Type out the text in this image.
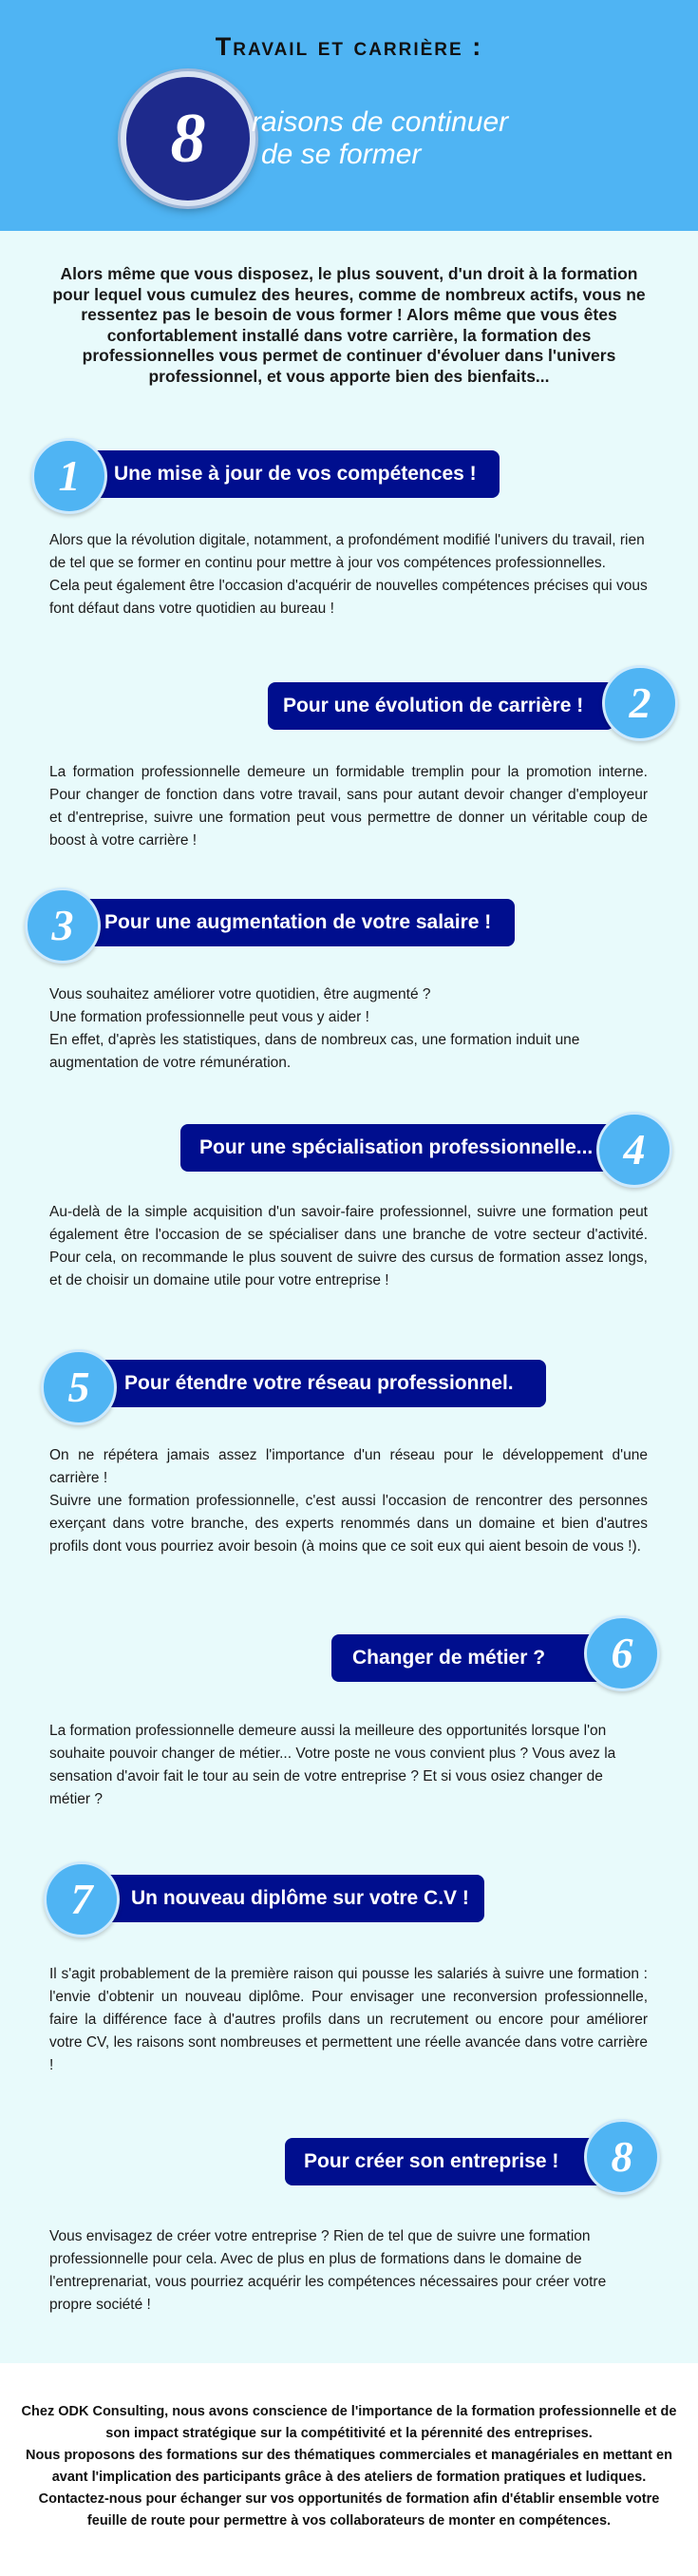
Travail et carrière :
8	raisons de continuer
de se former
Alors même que vous disposez, le plus souvent, d'un droit à la formation pour lequel vous cumulez des heures, comme de nombreux actifs, vous ne ressentez pas le besoin de vous former ! Alors même que vous êtes confortablement installé dans votre carrière, la formation des professionnelles vous permet de continuer d'évoluer dans l'univers professionnel, et vous apporte bien des bienfaits...
Une mise à jour de vos compétences !
1

Alors que la révolution digitale, notamment, a profondément modifié l'univers du travail, rien de tel que se former en continu pour mettre à jour vos compétences professionnelles.

Cela peut également être l'occasion d'acquérir de nouvelles compétences précises qui vous font défaut dans votre quotidien au bureau !

Pour une évolution de carrière !	2

La formation professionnelle demeure un formidable tremplin pour la promotion interne. Pour changer de fonction dans votre travail, sans pour autant devoir changer d'employeur et d'entreprise, suivre une formation peut vous permettre de donner un véritable coup de boost à votre carrière !

Pour une augmentation de votre salaire !
3

Vous souhaitez améliorer votre quotidien, être augmenté ?

Une formation professionnelle peut vous y aider !

En effet, d'après les statistiques, dans de nombreux cas, une formation induit une augmentation de votre rémunération.

Pour une spécialisation professionnelle... 4

Au-delà de la simple acquisition d'un savoir-faire professionnel, suivre une formation peut également être l'occasion de se spécialiser dans une branche de votre secteur d'activité. Pour cela, on recommande le plus souvent de suivre des cursus de formation assez longs, et de choisir un domaine utile pour votre entreprise !

Pour étendre votre réseau professionnel.
5

On ne répétera jamais assez l'importance d'un réseau pour le développement d'une carrière !

Suivre une formation professionnelle, c'est aussi l'occasion de rencontrer des personnes exerçant dans votre branche, des experts renommés dans un domaine et bien d'autres profils dont vous pourriez avoir besoin (à moins que ce soit eux qui aient besoin de vous !).

Changer de métier ?	6

La formation professionnelle demeure aussi la meilleure des opportunités lorsque l'on souhaite pouvoir changer de métier... Votre poste ne vous convient plus ? Vous avez la sensation d'avoir fait le tour au sein de votre entreprise ? Et si vous osiez changer de métier ?

Un nouveau diplôme sur votre C.V !
7

Il s'agit probablement de la première raison qui pousse les salariés à suivre une formation : l'envie d'obtenir un nouveau diplôme. Pour envisager une reconversion professionnelle, faire la différence face à d'autres profils dans un recrutement ou encore pour améliorer votre CV, les raisons sont nombreuses et permettent une réelle avancée dans votre carrière !

Pour créer son entreprise !	8

Vous envisagez de créer votre entreprise ? Rien de tel que de suivre une formation professionnelle pour cela. Avec de plus en plus de formations dans le domaine de l'entreprenariat, vous pourriez acquérir les compétences nécessaires pour créer votre propre société !

Chez ODK Consulting, nous avons conscience de l'importance de la formation professionnelle et de son impact stratégique sur la compétitivité et la pérennité des entreprises.

Nous proposons des formations sur des thématiques commerciales et managériales en mettant en avant l'implication des participants grâce à des ateliers de formation pratiques et ludiques.

Contactez-nous pour échanger sur vos opportunités de formation afin d'établir ensemble votre feuille de route pour permettre à vos collaborateurs de monter en compétences.
